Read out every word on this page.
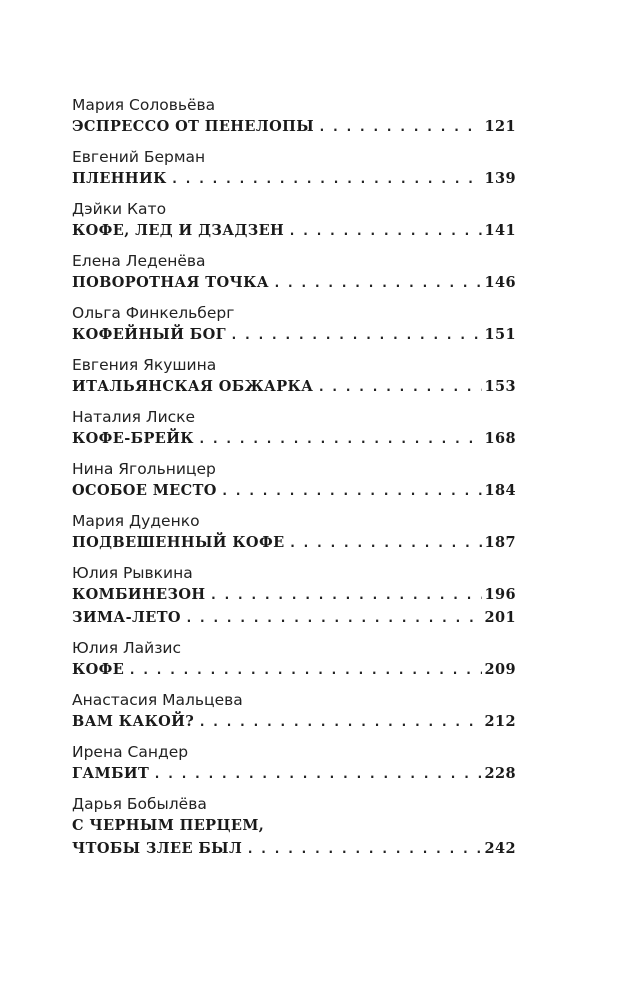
Мария Соловьёва
ЭСПРЕССО ОТ ПЕНЕЛОПЫ . . .	121
Евгений Берман
ПЛЕННИК . . .	139
Дэйки Като
КОФЕ, ЛЕД И ДЗАДЗЕН . . .	141
Елена Леденёва
ПОВОРОТНАЯ ТОЧКА . . .	146
Ольга Финкельберг
КОФЕЙНЫЙ БОГ . . .	151
Евгения Якушина
ИТАЛЬЯНСКАЯ ОБЖАРКА . . .	153
Наталия Лиске
КОФЕ-БРЕЙК . . .	168
Нина Ягольницер
ОСОБОЕ МЕСТО . . .	184
Мария Дуденко
ПОДВЕШЕННЫЙ КОФЕ . . .	187
Юлия Рывкина
КОМБИНЕЗОН . . .	196
ЗИМА-ЛЕТО . . .	201
Юлия Лайзис
КОФЕ . . .	209
Анастасия Мальцева
ВАМ КАКОЙ? . . .	212
Ирена Сандер
ГАМБИТ . . .	228
Дарья Бобылёва
С ЧЕРНЫМ ПЕРЦЕМ,
ЧТОБЫ ЗЛЕЕ БЫЛ . . .	242
